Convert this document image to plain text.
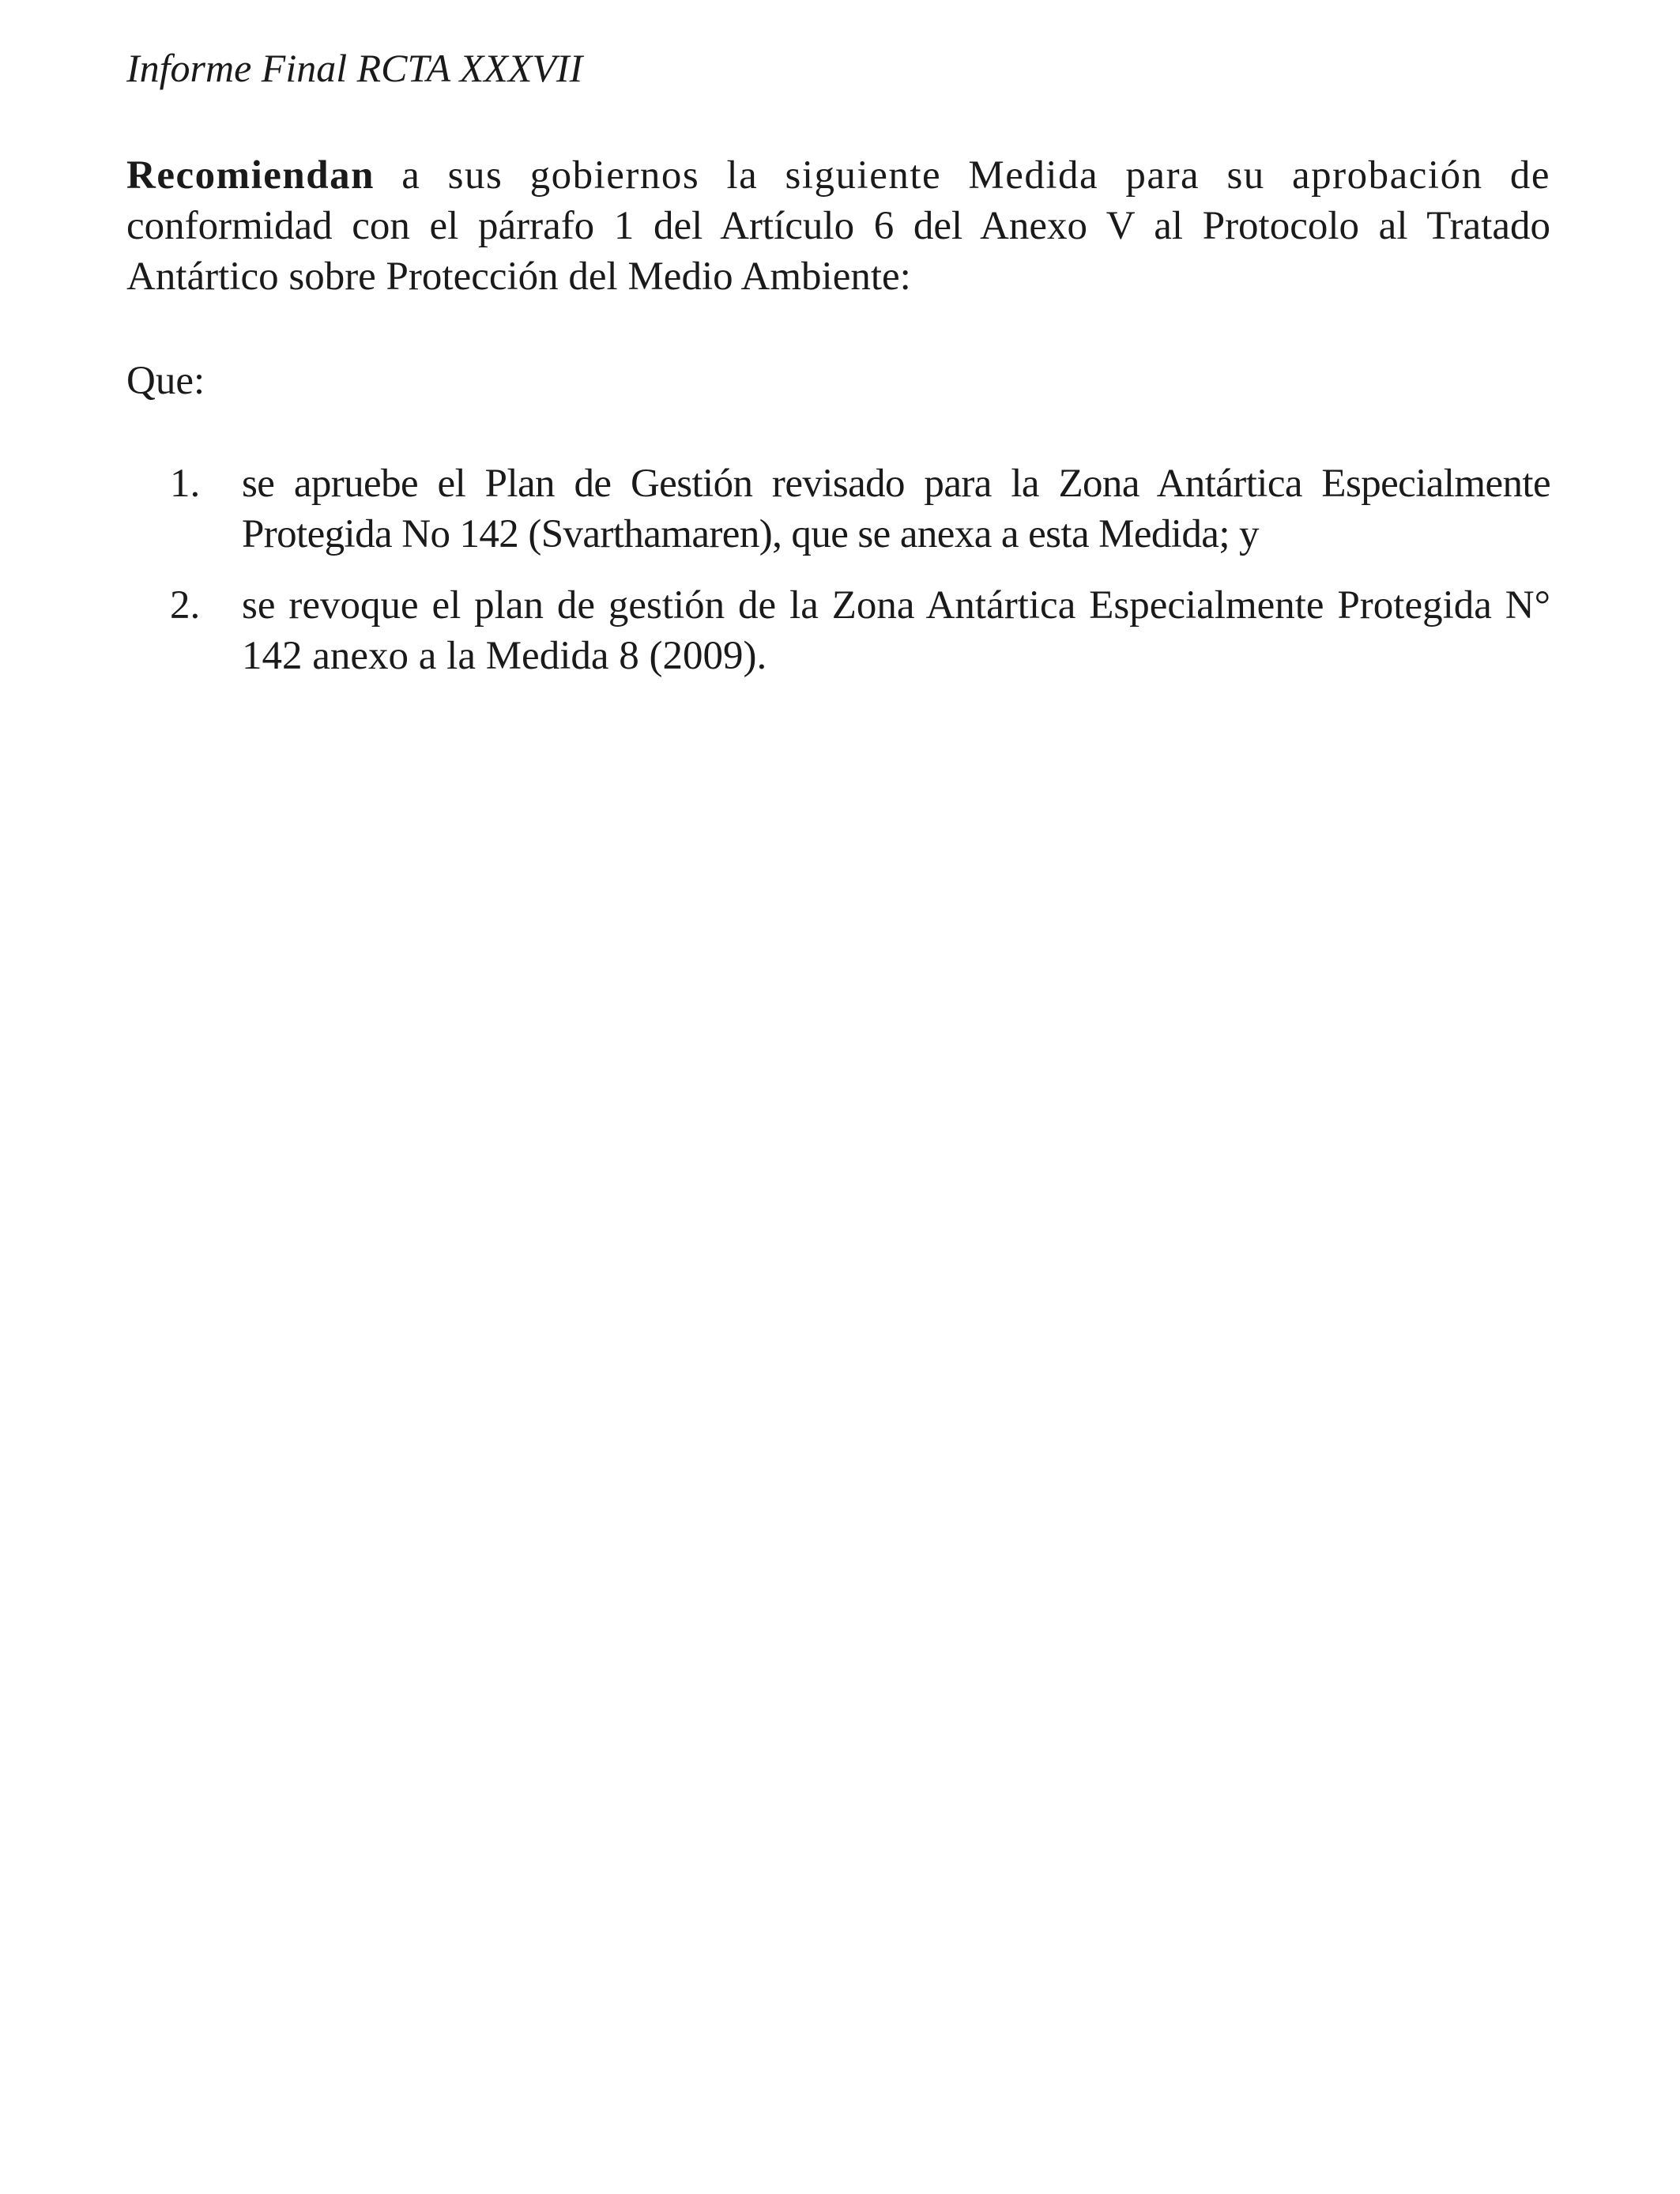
Informe Final RCTA XXXVII

Recomiendan a sus gobiernos la siguiente Medida para su aprobación de conformidad con el párrafo 1 del Artículo 6 del Anexo V al Protocolo al Tratado Antártico sobre Protección del Medio Ambiente:

Que:

1. se apruebe el Plan de Gestión revisado para la Zona Antártica Especialmente Protegida No 142 (Svarthamaren), que se anexa a esta Medida; y
2. se revoque el plan de gestión de la Zona Antártica Especialmente Protegida N° 142 anexo a la Medida 8 (2009).
